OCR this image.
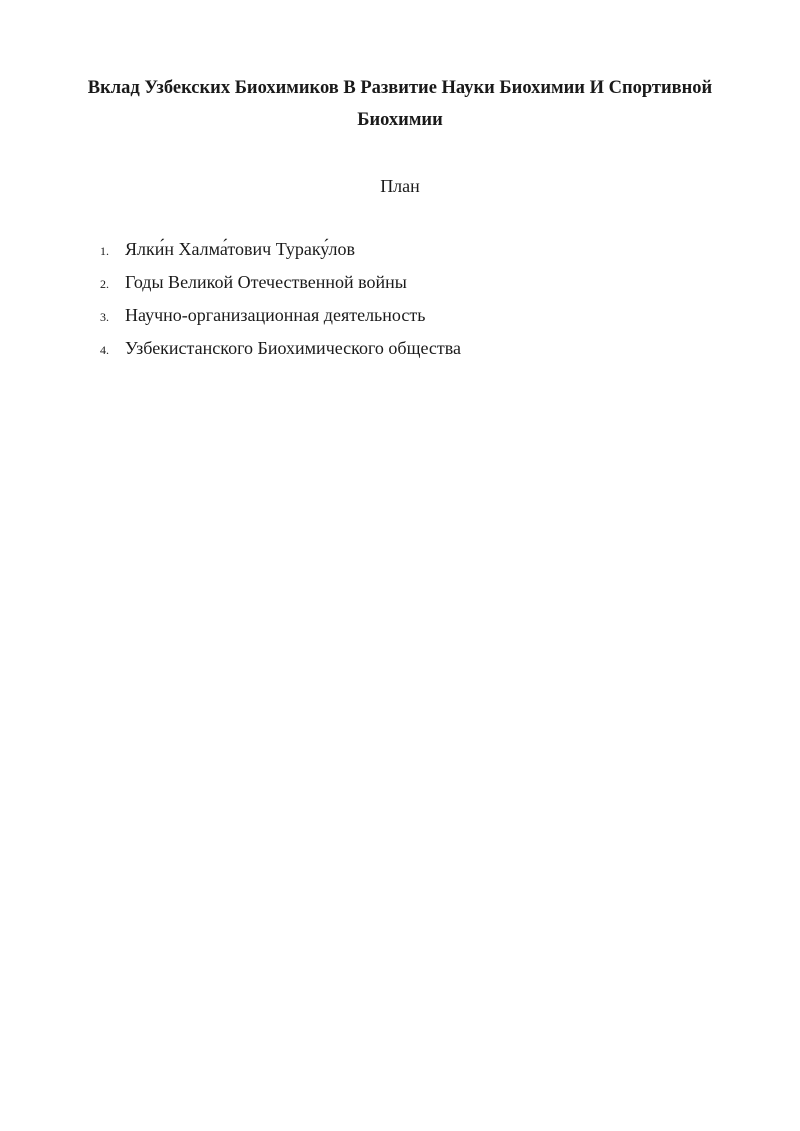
Вклад Узбекских Биохимиков В Развитие Науки Биохимии И Спортивной Биохимии
План
1. Ялки́н Халма́тович Тураку́лов
2. Годы Великой Отечественной войны
3. Научно-организационная деятельность
4. Узбекистанского Биохимического общества
